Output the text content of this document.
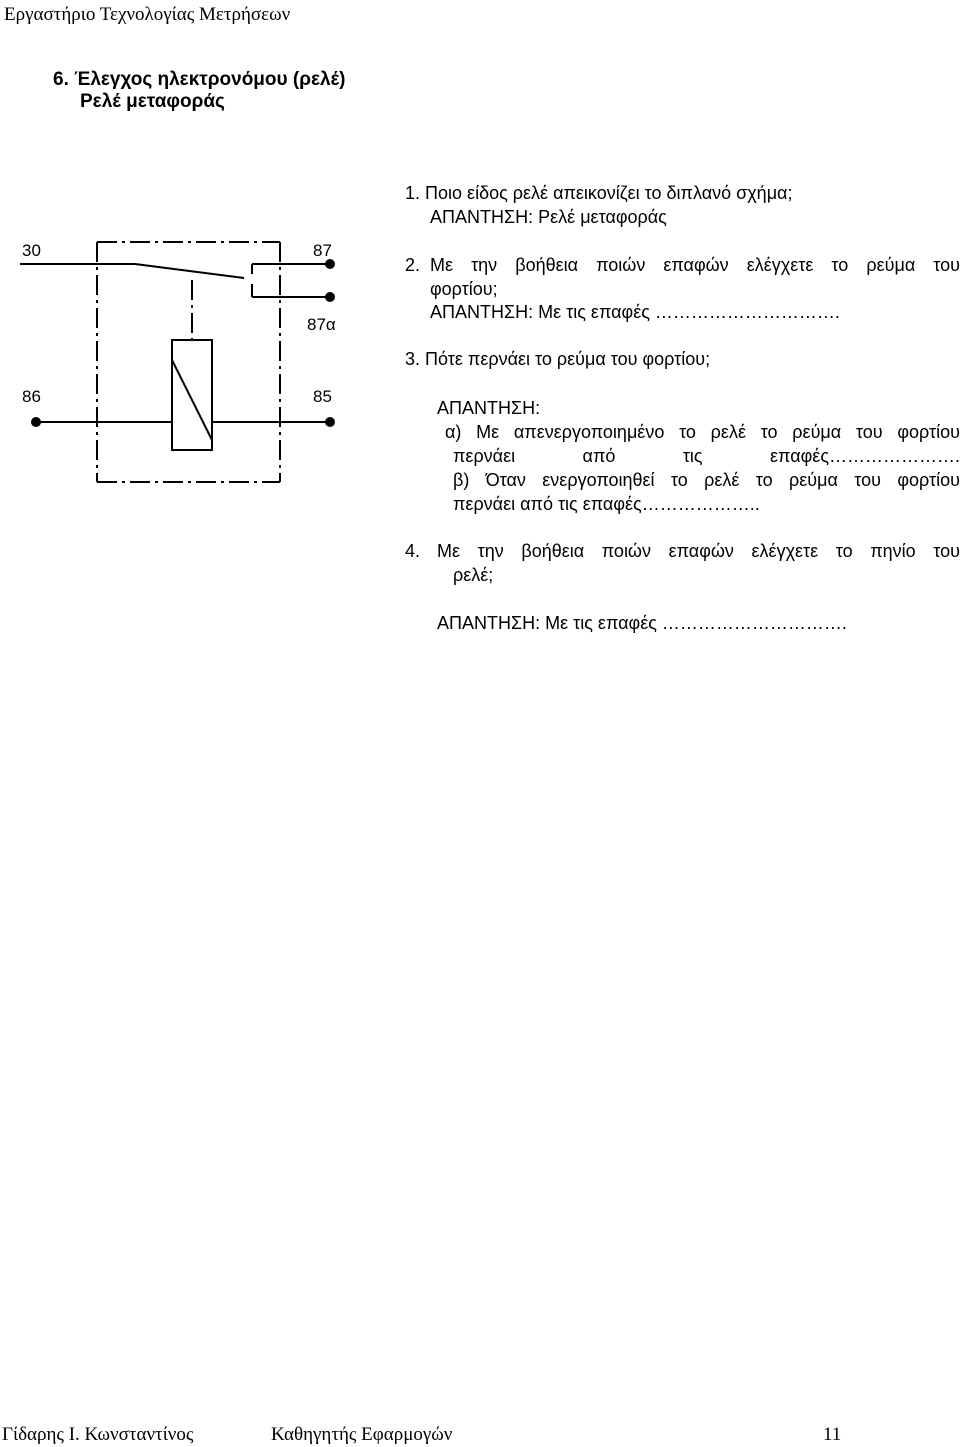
Εργαστήριο Τεχνολογίας Μετρήσεων
6. Έλεγχος ηλεκτρονόμου (ρελέ)
Ρελέ μεταφοράς
30	87
87α
86	85
1. Ποιο είδος ρελέ απεικονίζει το διπλανό σχήμα;
ΑΠΑΝΤΗΣΗ: Ρελέ μεταφοράς
2. Με την βοήθεια ποιών επαφών ελέγχετε το ρεύμα του
φορτίου;
ΑΠΑΝΤΗΣΗ: Με τις επαφές ………………………….
3. Πότε περνάει το ρεύμα του φορτίου;
ΑΠΑΝΤΗΣΗ:
α) Με απενεργοποιημένο το ρελέ το ρεύμα του φορτίου
περνάει από τις επαφές………………….
β) Όταν ενεργοποιηθεί το ρελέ το ρεύμα του φορτίου
περνάει από τις επαφές………………..
4. Με την βοήθεια ποιών επαφών ελέγχετε το πηνίο του
ρελέ;
ΑΠΑΝΤΗΣΗ: Με τις επαφές ………………………….
Γίδαρης Ι. Κωνσταντίνος	Καθηγητής Εφαρμογών	11
